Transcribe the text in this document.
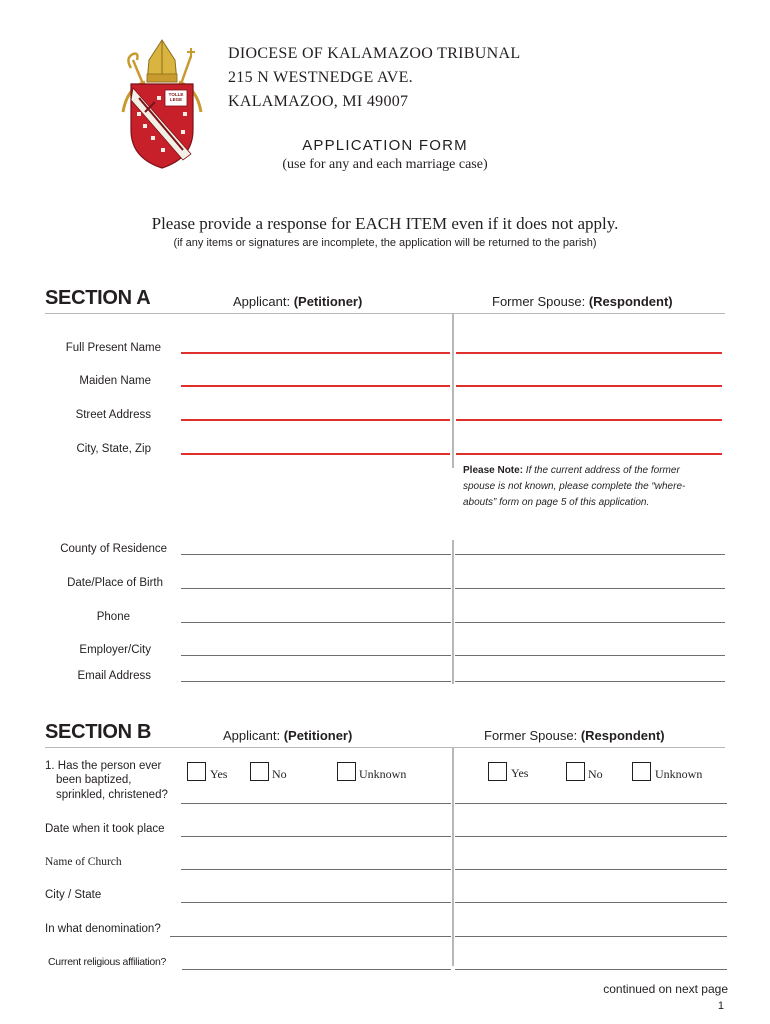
TOLLE LEGE
DIOCESE OF KALAMAZOO TRIBUNAL
215 N WESTNEDGE AVE.
KALAMAZOO, MI 49007
APPLICATION FORM
(use for any and each marriage case)
Please provide a response for EACH ITEM even if it does not apply.
(if any items or signatures are incomplete, the application will be returned to the parish)
SECTION A	Applicant: (Petitioner)	Former Spouse: (Respondent)
Full Present Name
Maiden Name
Street Address
City, State, Zip
Please Note: If the current address of the former
spouse is not known, please complete the “where-
abouts” form on page 5 of this application.
County of Residence
Date/Place of Birth
Phone
Employer/City
Email Address
SECTION B	Applicant: (Petitioner)	Former Spouse: (Respondent)
1. Has the person ever
been baptized,
sprinkled, christened?
Yes	No	Unknown	Yes	No	Unknown
Date when it took place
Name of Church
City / State
In what denomination?
Current religious affiliation?
continued on next page
1
